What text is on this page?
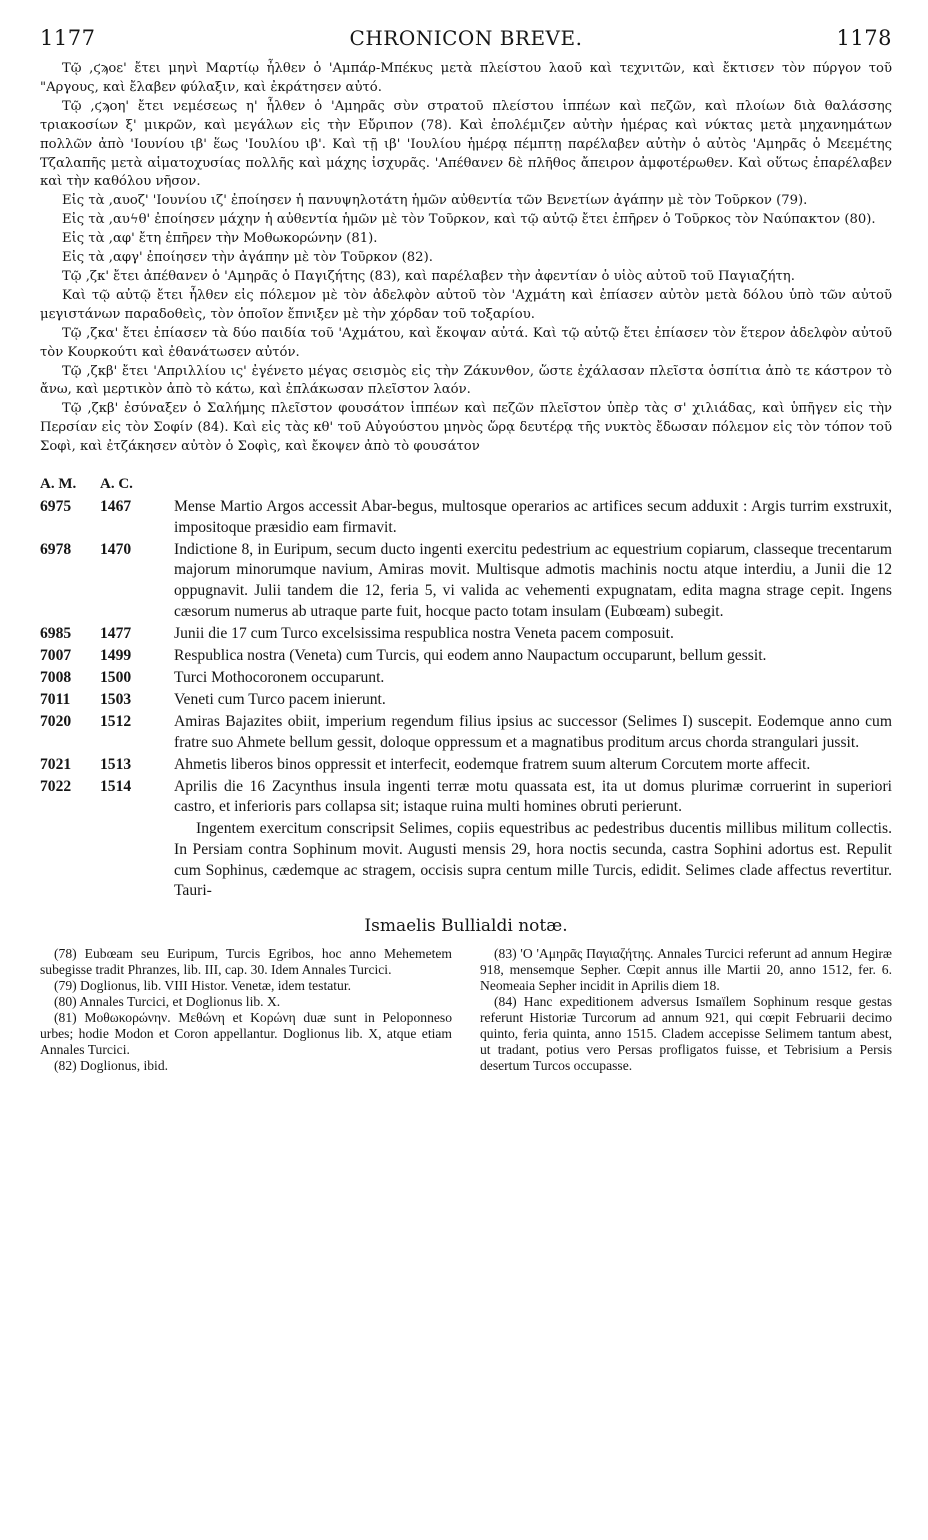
1177	CHRONICON BREVE.	1178

Τῷ ,ϛϡοε' ἔτει μηνὶ Μαρτίῳ ἦλθεν ὁ 'Αμπάρ-Μπέκυς μετὰ πλείστου λαοῦ καὶ τεχνιτῶν, καὶ ἔκτισεν τὸν πύργον τοῦ "Αργους, καὶ ἔλαβεν φύλαξιν, καὶ ἐκράτησεν αὐτό.

Τῷ ,ϛϡοη' ἔτει νεμέσεως η' ἦλθεν ὁ 'Αμηρᾶς σὺν στρατοῦ πλείστου ἱππέων καὶ πεζῶν, καὶ πλοίων διὰ θαλάσσης τριακοσίων ξ' μικρῶν, καὶ μεγάλων εἰς τὴν Εὔριπον (78). Καὶ ἐπολέμιζεν αὐτὴν ἡμέρας καὶ νύκτας μετὰ μηχανημάτων πολλῶν ἀπὸ 'Ιουνίου ιβ' ἕως 'Ιουλίου ιβ'. Καὶ τῇ ιβ' 'Ιουλίου ἡμέρᾳ πέμπτῃ παρέλαβεν αὐτὴν ὁ αὐτὸς 'Αμηρᾶς ὁ Μεεμέτης Τζαλαπῆς μετὰ αἱματοχυσίας πολλῆς καὶ μάχης ἰσχυρᾶς. 'Απέθανεν δὲ πλῆθος ἄπειρον ἀμφοτέρωθεν. Καὶ οὕτως ἐπαρέλαβεν καὶ τὴν καθόλου νῆσον.

Εἰς τὰ ,αυοζ' 'Ιουνίου ιζ' ἐποίησεν ἡ πανυψηλοτάτη ἡμῶν αὐθεντία τῶν Βενετίων ἀγάπην μὲ τὸν Τοῦρκον (79).

Εἰς τὰ ,αυϟθ' ἐποίησεν μάχην ἡ αὐθεντία ἡμῶν μὲ τὸν Τοῦρκον, καὶ τῷ αὐτῷ ἔτει ἐπῆρεν ὁ Τοῦρκος τὸν Ναύπακτον (80).

Εἰς τὰ ,αφ' ἔτη ἐπῆρεν τὴν Μοθωκορώνην (81).

Εἰς τὰ ,αφγ' ἐποίησεν τὴν ἀγάπην μὲ τὸν Τοῦρκον (82).

Τῷ ,ζκ' ἔτει ἀπέθανεν ὁ 'Αμηρᾶς ὁ Παγιζήτης (83), καὶ παρέλαβεν τὴν ἀφεντίαν ὁ υἱὸς αὐτοῦ τοῦ Παγιαζήτη.

Καὶ τῷ αὐτῷ ἔτει ἦλθεν εἰς πόλεμον μὲ τὸν ἀδελφὸν αὐτοῦ τὸν 'Αχμάτη καὶ ἐπίασεν αὐτὸν μετὰ δόλου ὑπὸ τῶν αὐτοῦ μεγιστάνων παραδοθεὶς, τὸν ὁποῖον ἔπνιξεν μὲ τὴν χόρδαν τοῦ τοξαρίου.

Τῷ ,ζκα' ἔτει ἐπίασεν τὰ δύο παιδία τοῦ 'Αχμάτου, καὶ ἔκοψαν αὐτά. Καὶ τῷ αὐτῷ ἔτει ἐπίασεν τὸν ἕτερον ἀδελφὸν αὐτοῦ τὸν Κουρκούτι καὶ ἐθανάτωσεν αὐτόν.

Τῷ ,ζκβ' ἔτει 'Απριλλίου ις' ἐγένετο μέγας σεισμὸς εἰς τὴν Ζάκυνθον, ὥστε ἐχάλασαν πλεῖστα ὁσπίτια ἀπὸ τε κάστρον τὸ ἄνω, καὶ μερτικὸν ἀπὸ τὸ κάτω, καὶ ἐπλάκωσαν πλεῖστον λαόν.

Τῷ ,ζκβ' ἐσύναξεν ὁ Σαλήμης πλεῖστον φουσάτον ἱππέων καὶ πεζῶν πλεῖστον ὑπὲρ τὰς σ' χιλιάδας, καὶ ὑπῆγεν εἰς τὴν Περσίαν εἰς τὸν Σοφίν (84). Καὶ εἰς τὰς κθ' τοῦ Αὐγούστου μηνὸς ὥρᾳ δευτέρᾳ τῆς νυκτὸς ἔδωσαν πόλεμον εἰς τὸν τόπον τοῦ Σοφὶ, καὶ ἐτζάκησεν αὐτὸν ὁ Σοφὶς, καὶ ἔκοψεν ἀπὸ τὸ φουσάτον

A. M.	A. C.
6975	1467	Mense Martio Argos accessit Abar-begus, multosque operarios ac artifices secum adduxit : Argis turrim exstruxit, impositoque præsidio eam firmavit.
6978	1470	Indictione 8, in Euripum, secum ducto ingenti exercitu pedestrium ac equestrium copiarum, classeque trecentarum majorum minorumque navium, Amiras movit. Multisque admotis machinis noctu atque interdiu, a Junii die 12 oppugnavit. Julii tandem die 12, feria 5, vi valida ac vehementi expugnatam, edita magna strage cepit. Ingens cæsorum numerus ab utraque parte fuit, hocque pacto totam insulam (Eubœam) subegit.
6985	1477	Junii die 17 cum Turco excelsissima respublica nostra Veneta pacem composuit.
7007	1499	Respublica nostra (Veneta) cum Turcis, qui eodem anno Naupactum occuparunt, bellum gessit.
7008	1500	Turci Mothocoronem occuparunt.
7011	1503	Veneti cum Turco pacem inierunt.
7020	1512	Amiras Bajazites obiit, imperium regendum filius ipsius ac successor (Selimes I) suscepit. Eodemque anno cum fratre suo Ahmete bellum gessit, doloque oppressum et a magnatibus proditum arcus chorda strangulari jussit.
7021	1513	Ahmetis liberos binos oppressit et interfecit, eodemque fratrem suum alterum Corcutem morte affecit.
7022	1514	Aprilis die 16 Zacynthus insula ingenti terræ motu quassata est, ita ut domus plurimæ corruerint in superiori castro, et inferioris pars collapsa sit; istaque ruina multi homines obruti perierunt.
Ingentem exercitum conscripsit Selimes, copiis equestribus ac pedestribus ducentis millibus militum collectis. In Persiam contra Sophinum movit. Augusti mensis 29, hora noctis secunda, castra Sophini adortus est. Repulit cum Sophinus, cædemque ac stragem, occisis supra centum mille Turcis, edidit. Selimes clade affectus revertitur. Tauri-
Ismaelis Bullialdi notæ.

(78) Eubœam seu Euripum, Turcis Egribos, hoc anno Mehemetem subegisse tradit Phranzes, lib. III, cap. 30. Idem Annales Turcici.

(79) Doglionus, lib. VIII Histor. Venetæ, idem testatur.

(80) Annales Turcici, et Doglionus lib. X.

(81) Μοθωκορώνην. Μεθώνη et Κορώνη duæ sunt in Peloponneso urbes; hodie Modon et Coron appellantur. Doglionus lib. X, atque etiam Annales Turcici.

(82) Doglionus, ibid.

(83) 'Ο 'Αμηρᾶς Παγιαζήτης. Annales Turcici referunt ad annum Hegiræ 918, mensemque Sepher. Cœpit annus ille Martii 20, anno 1512, fer. 6. Neomeaia Sepher incidit in Aprilis diem 18.

(84) Hanc expeditionem adversus Ismaïlem Sophinum resque gestas referunt Historiæ Turcorum ad annum 921, qui cœpit Februarii decimo quinto, feria quinta, anno 1515. Cladem accepisse Selimem tantum abest, ut tradant, potius vero Persas profligatos fuisse, et Tebrisium a Persis desertum Turcos occupasse.
